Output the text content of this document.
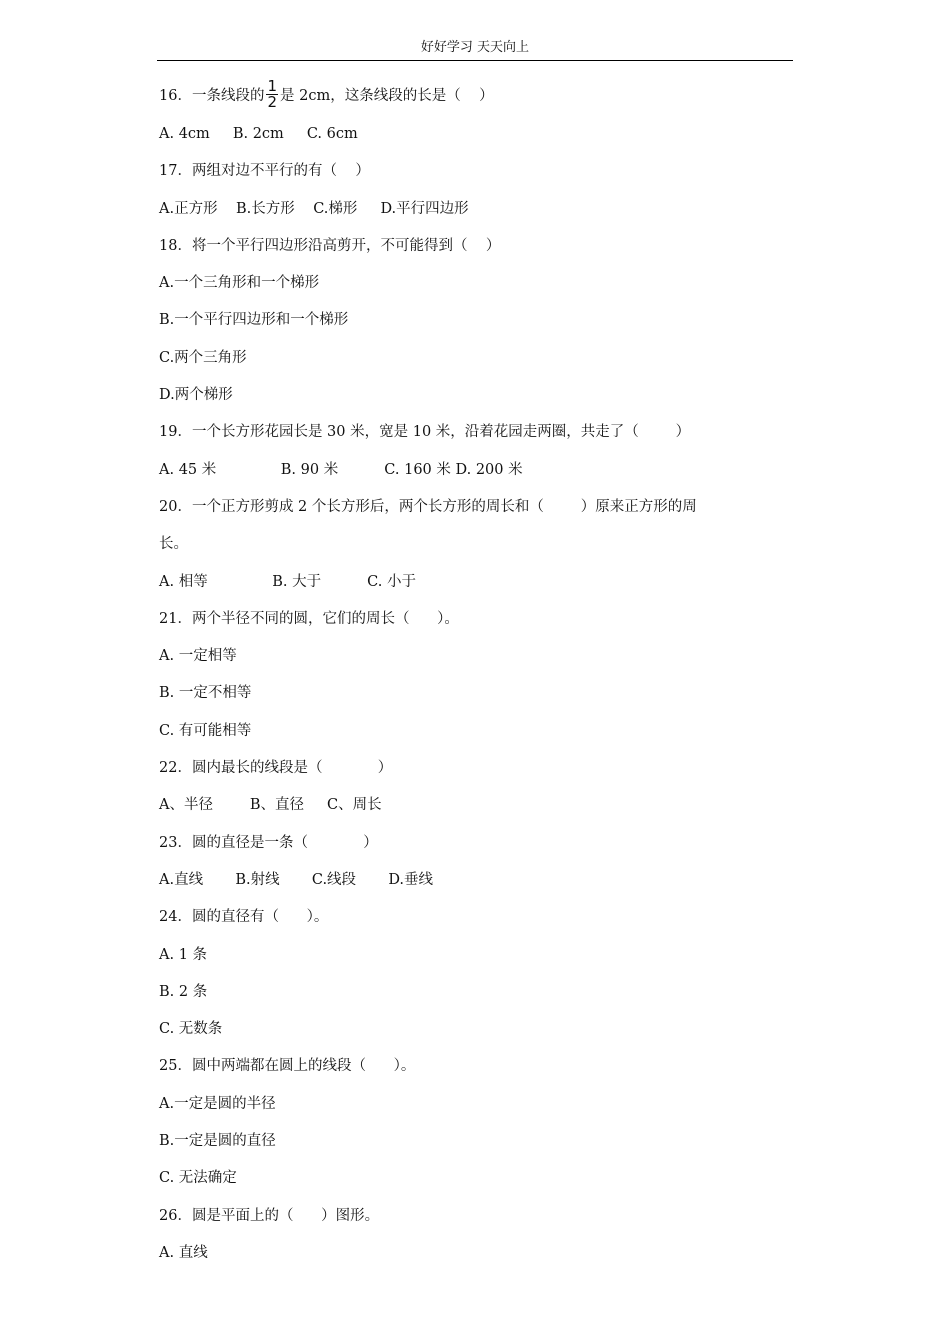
好好学习 天天向上
16．一条线段的 $\frac{1}{2}$ 是 2cm，这条线段的长是（    ）
A. 4cm     B. 2cm     C. 6cm
17．两组对边不平行的有（    ）
A.正方形    B.长方形    C.梯形     D.平行四边形
18．将一个平行四边形沿高剪开，不可能得到（    ）
A.一个三角形和一个梯形
B.一个平行四边形和一个梯形
C.两个三角形
D.两个梯形
19．一个长方形花园长是 30 米，宽是 10 米，沿着花园走两圈，共走了（        ）
A. 45 米              B. 90 米          C. 160 米 D. 200 米
20．一个正方形剪成 2 个长方形后，两个长方形的周长和（        ）原来正方形的周
长。
A. 相等              B. 大于          C. 小于
21．两个半径不同的圆，它们的周长（      ）。
A. 一定相等
B. 一定不相等
C. 有可能相等
22．圆内最长的线段是（            ）
A、半径        B、直径     C、周长
23．圆的直径是一条（            ）
A.直线       B.射线       C.线段       D.垂线
24．圆的直径有（      ）。
A. 1 条
B. 2 条
C. 无数条
25．圆中两端都在圆上的线段（      ）。
A.一定是圆的半径
B.一定是圆的直径
C. 无法确定
26．圆是平面上的（      ）图形。
A. 直线
